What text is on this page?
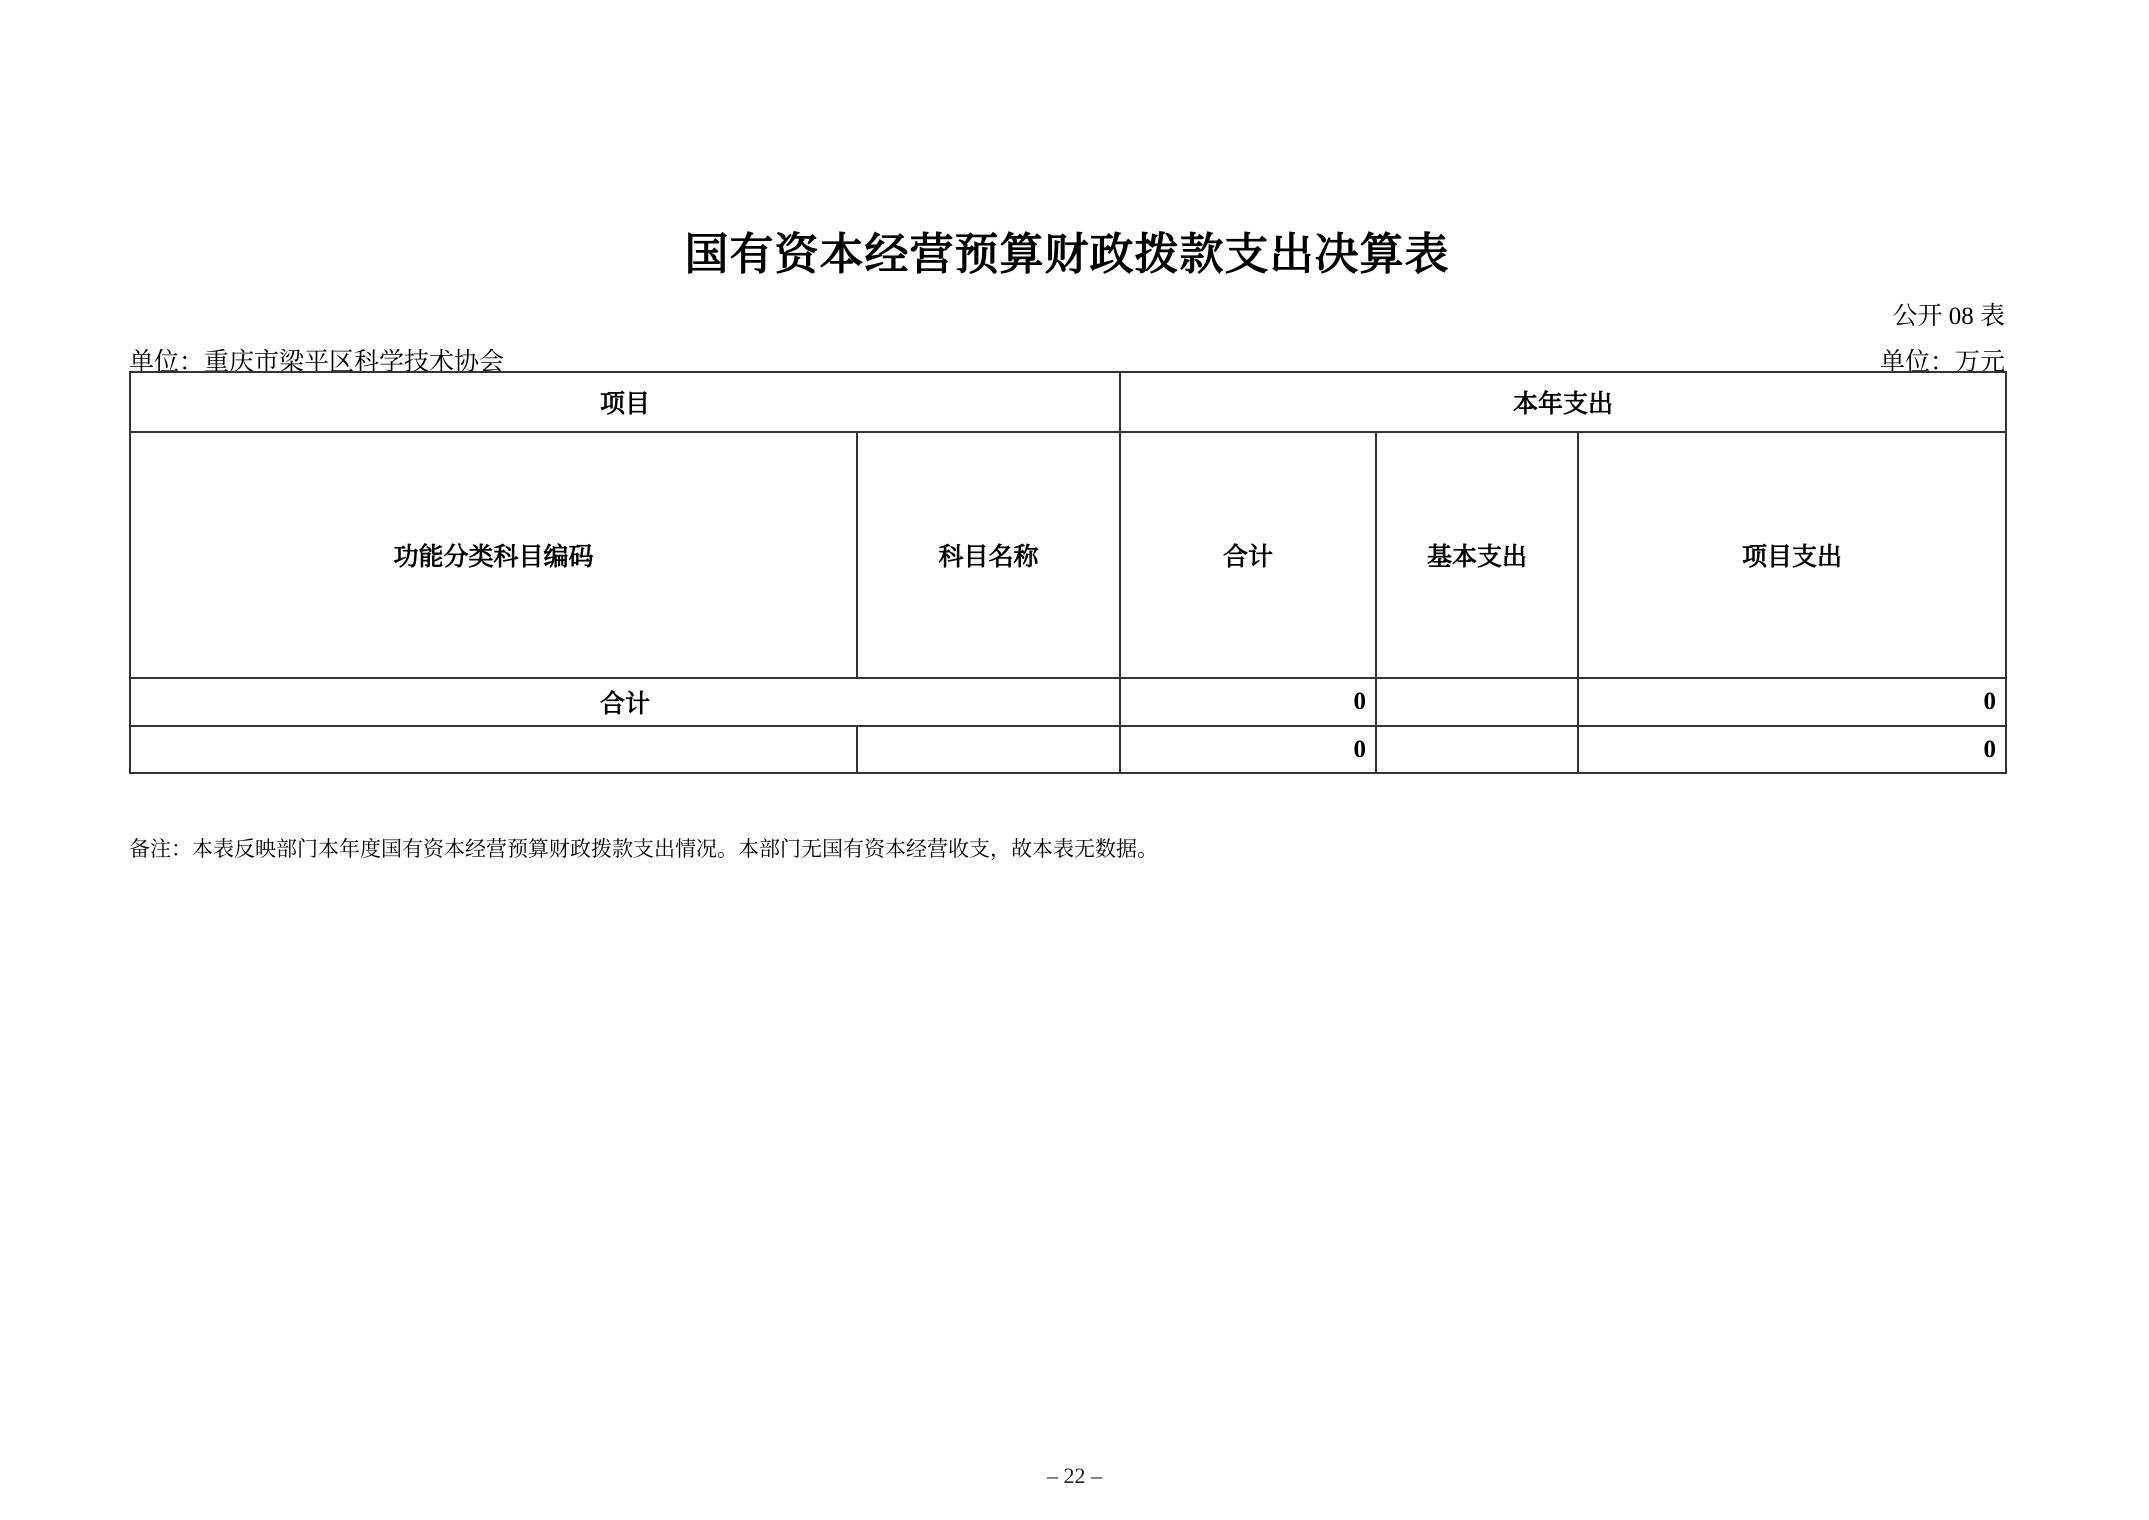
国有资本经营预算财政拨款支出决算表
公开 08 表
单位：重庆市梁平区科学技术协会	单位：万元
项目		本年支出		
功能分类科目编码	科目名称	合计	基本支出	项目支出
合计		0		0
		0		0
备注：本表反映部门本年度国有资本经营预算财政拨款支出情况。本部门无国有资本经营收支，故本表无数据。
– 22 –
